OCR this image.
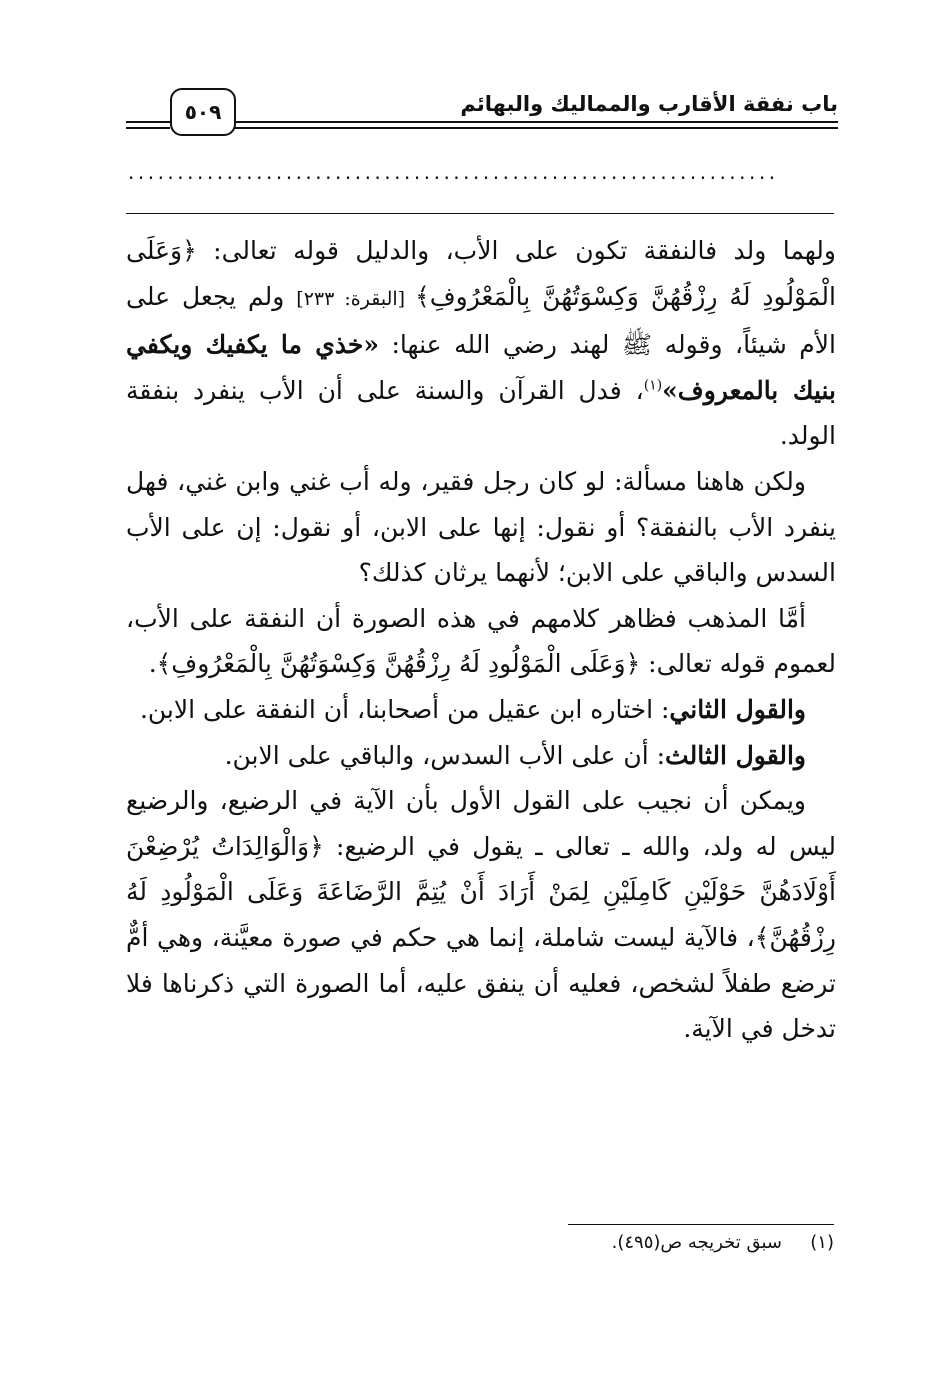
باب نفقة الأقارب والمماليك والبهائم
٥٠٩
..................................................................

ولهما ولد فالنفقة تكون على الأب، والدليل قوله تعالى: ﴿وَعَلَى الْمَوْلُودِ لَهُ رِزْقُهُنَّ وَكِسْوَتُهُنَّ بِالْمَعْرُوفِ﴾ [البقرة: ٢٣٣] ولم يجعل على الأم شيئاً، وقوله ﷺ لهند رضي الله عنها: «خذي ما يكفيك ويكفي بنيك بالمعروف»$^{(١)}$، فدل القرآن والسنة على أن الأب ينفرد بنفقة الولد.

ولكن هاهنا مسألة: لو كان رجل فقير، وله أب غني وابن غني، فهل ينفرد الأب بالنفقة؟ أو نقول: إنها على الابن، أو نقول: إن على الأب السدس والباقي على الابن؛ لأنهما يرثان كذلك؟

أمَّا المذهب فظاهر كلامهم في هذه الصورة أن النفقة على الأب، لعموم قوله تعالى: ﴿وَعَلَى الْمَوْلُودِ لَهُ رِزْقُهُنَّ وَكِسْوَتُهُنَّ بِالْمَعْرُوفِ﴾.

والقول الثاني: اختاره ابن عقيل من أصحابنا، أن النفقة على الابن.

والقول الثالث: أن على الأب السدس، والباقي على الابن.

ويمكن أن نجيب على القول الأول بأن الآية في الرضيع، والرضيع ليس له ولد، والله ـ تعالى ـ يقول في الرضيع: ﴿وَالْوَالِدَاتُ يُرْضِعْنَ أَوْلَادَهُنَّ حَوْلَيْنِ كَامِلَيْنِ لِمَنْ أَرَادَ أَنْ يُتِمَّ الرَّضَاعَةَ وَعَلَى الْمَوْلُودِ لَهُ رِزْقُهُنَّ﴾، فالآية ليست شاملة، إنما هي حكم في صورة معيَّنة، وهي أمٌّ ترضع طفلاً لشخص، فعليه أن ينفق عليه، أما الصورة التي ذكرناها فلا تدخل في الآية.

(١)سبق تخريجه ص(٤٩٥).
